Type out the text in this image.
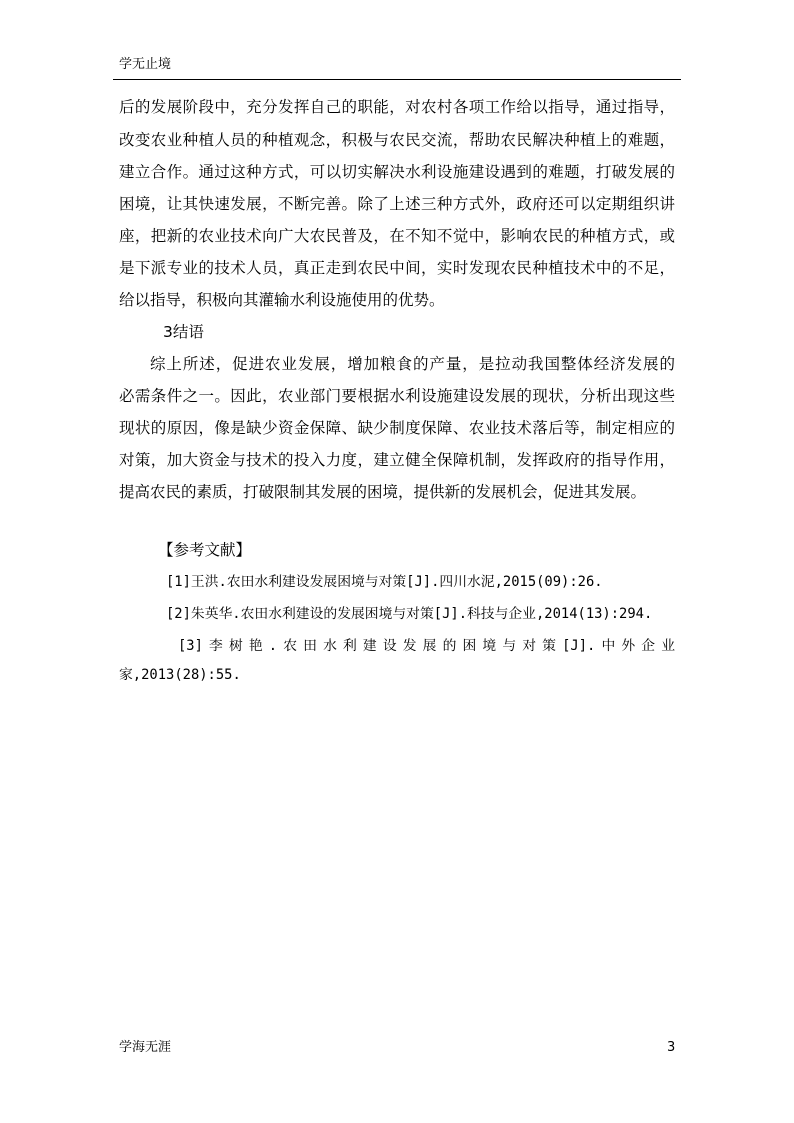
学无止境
后的发展阶段中，充分发挥自己的职能，对农村各项工作给以指导，通过指导，
改变农业种植人员的种植观念，积极与农民交流，帮助农民解决种植上的难题，
建立合作。通过这种方式，可以切实解决水利设施建设遇到的难题，打破发展的
困境，让其快速发展，不断完善。除了上述三种方式外，政府还可以定期组织讲
座，把新的农业技术向广大农民普及，在不知不觉中，影响农民的种植方式，或
是下派专业的技术人员，真正走到农民中间，实时发现农民种植技术中的不足，
给以指导，积极向其灌输水利设施使用的优势。
3结语
综上所述，促进农业发展，增加粮食的产量，是拉动我国整体经济发展的
必需条件之一。因此，农业部门要根据水利设施建设发展的现状，分析出现这些
现状的原因，像是缺少资金保障、缺少制度保障、农业技术落后等，制定相应的
对策，加大资金与技术的投入力度，建立健全保障机制，发挥政府的指导作用，
提高农民的素质，打破限制其发展的困境，提供新的发展机会，促进其发展。
【参考文献】
[1]王洪.农田水利建设发展困境与对策[J].四川水泥,2015(09):26.
[2]朱英华.农田水利建设的发展困境与对策[J].科技与企业,2014(13):294.
[3]李树艳.农田水利建设发展的困境与对策[J].中外企业
家,2013(28):55.
学海无涯	3
